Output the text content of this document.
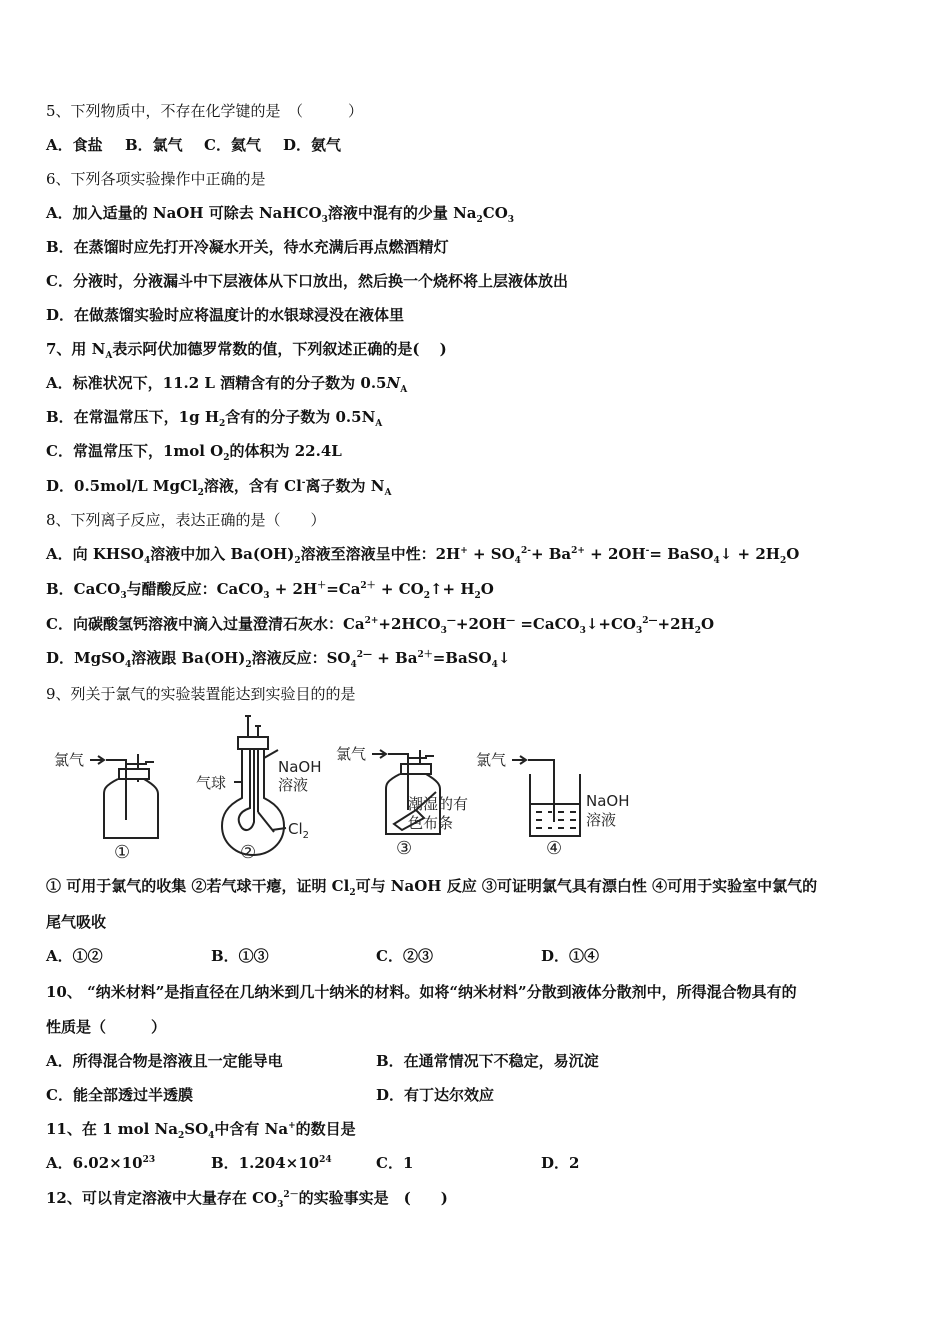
5、下列物质中，不存在化学键的是　（　　　）
A．食盐 B．氯气 C．氦气 D．氨气
6、下列各项实验操作中正确的是
A．加入适量的 NaOH 可除去 NaHCO$_3$溶液中混有的少量 $Na_2CO_3$
B．在蒸馏时应先打开冷凝水开关，待水充满后再点燃酒精灯
C．分液时，分液漏斗中下层液体从下口放出，然后换一个烧杯将上层液体放出
D．在做蒸馏实验时应将温度计的水银球浸没在液体里
7、用 $N_A$表示阿伏加德罗常数的值，下列叙述正确的是(　 )
A．标准状况下，11.2 L 酒精含有的分子数为 $0.5N_A$
B．在常温常压下，1g $H_2$含有的分子数为 $0.5N_A$
C．常温常压下，1mol $O_2$的体积为 22.4L
D．0.5mol/L MgCl$_2$溶液，含有 Cl-离子数为 $N_A$
8、下列离子反应，表达正确的是（　　）
A．向 $KHSO_4$溶液中加入 $Ba(OH)_2$溶液至溶液呈中性：$2H^+ + SO_4^{2-}+ Ba^{2+} + 2OH^-=$ BaSO$_4$↓ + $2H_2O$
B．CaCO$_3$与醋酸反应：CaCO$_3$ + $2H^+=Ca^{2+}$ + $CO_2↑+ H_2O$
C．向碳酸氢钙溶液中滴入过量澄清石灰水：$Ca^{2+}+2HCO_3^—+2OH^—$ $=CaCO_3↓+CO_3^{2—}+2H_2O$
D．MgSO$_4$溶液跟 $Ba(OH)_2$溶液反应：$SO_4^{2—}$ + $Ba^{2+}=BaSO_4↓$
9、列关于氯气的实验装置能达到实验目的的是
氯气
①
气球
NaOH
溶液
$Cl_2$
②
氯气
潮湿的有
色布条
③
氯气
NaOH
溶液
④
① 可用于氯气的收集 ②若气球干瘪，证明 $Cl_2$可与 NaOH 反应 ③可证明氯气具有漂白性 ④可用于实验室中氯气的
尾气吸收
A．①②	B．①③	C．②③	D．①④
10、 “纳米材料”是指直径在几纳米到几十纳米的材料。如将“纳米材料”分散到液体分散剂中，所得混合物具有的
性质是（　　　）
A．所得混合物是溶液且一定能导电	B．在通常情况下不稳定，易沉淀
C．能全部透过半透膜	D．有丁达尔效应
11、在 1 mol $Na_2SO_4$中含有 Na+的数目是
A．$6.02\times 10^{23}$	B．$1.204\times 10^{24}$	C．1	D．2
12、可以肯定溶液中大量存在 $CO_3^{2-}$的实验事实是　(　　)
